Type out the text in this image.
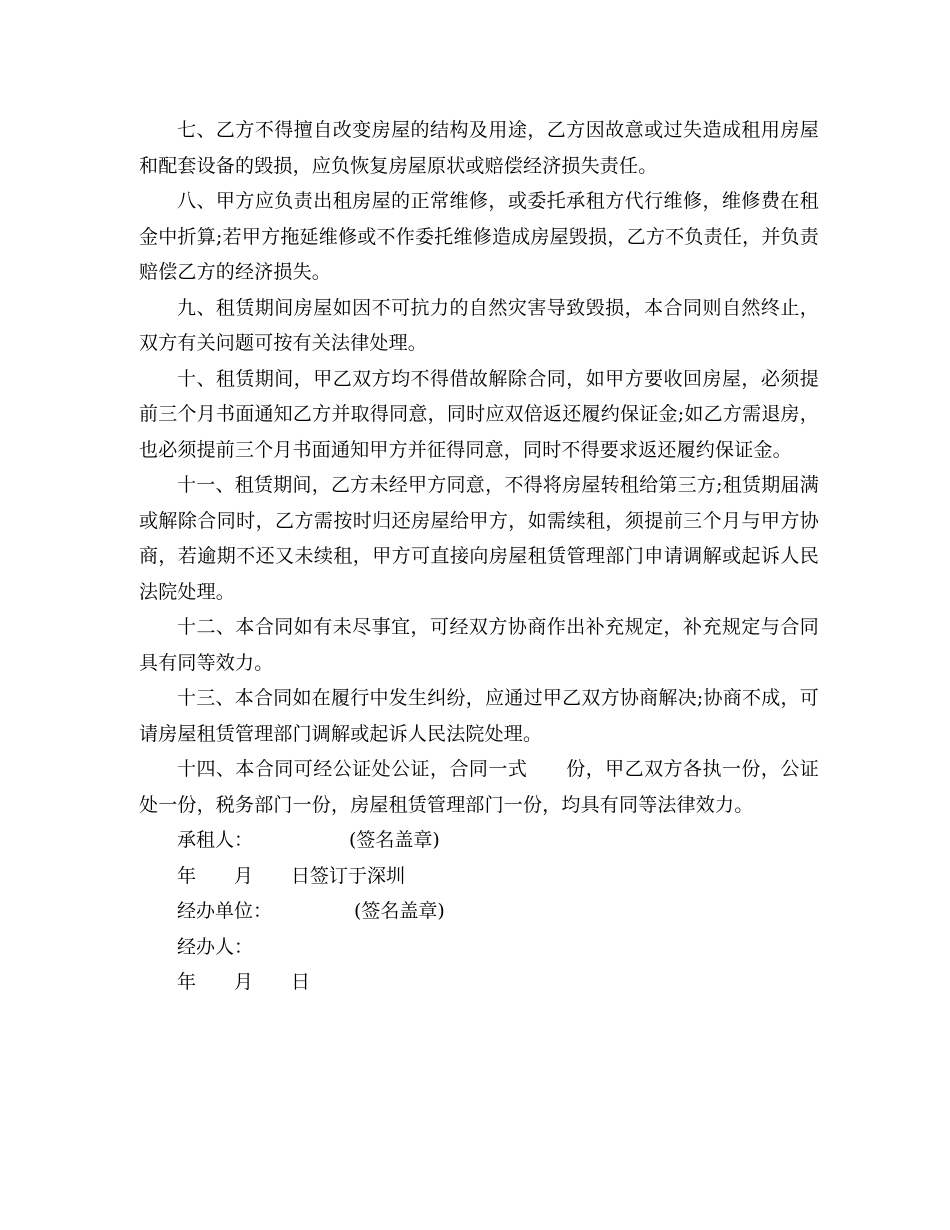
七、乙方不得擅自改变房屋的结构及用途，乙方因故意或过失造成租用房屋和配套设备的毁损，应负恢复房屋原状或赔偿经济损失责任。

八、甲方应负责出租房屋的正常维修，或委托承租方代行维修，维修费在租金中折算;若甲方拖延维修或不作委托维修造成房屋毁损，乙方不负责任，并负责赔偿乙方的经济损失。

九、租赁期间房屋如因不可抗力的自然灾害导致毁损，本合同则自然终止，双方有关问题可按有关法律处理。

十、租赁期间，甲乙双方均不得借故解除合同，如甲方要收回房屋，必须提前三个月书面通知乙方并取得同意，同时应双倍返还履约保证金;如乙方需退房，也必须提前三个月书面通知甲方并征得同意，同时不得要求返还履约保证金。

十一、租赁期间，乙方未经甲方同意，不得将房屋转租给第三方;租赁期届满或解除合同时，乙方需按时归还房屋给甲方，如需续租，须提前三个月与甲方协商，若逾期不还又未续租，甲方可直接向房屋租赁管理部门申请调解或起诉人民法院处理。

十二、本合同如有未尽事宜，可经双方协商作出补充规定，补充规定与合同具有同等效力。

十三、本合同如在履行中发生纠纷，应通过甲乙双方协商解决;协商不成，可请房屋租赁管理部门调解或起诉人民法院处理。

十四、本合同可经公证处公证，合同一式　　份，甲乙双方各执一份，公证处一份，税务部门一份，房屋租赁管理部门一份，均具有同等法律效力。

承租人：	(签名盖章)
年 月 日签订于深圳
经办单位：	(签名盖章)
经办人：
年 月 日
